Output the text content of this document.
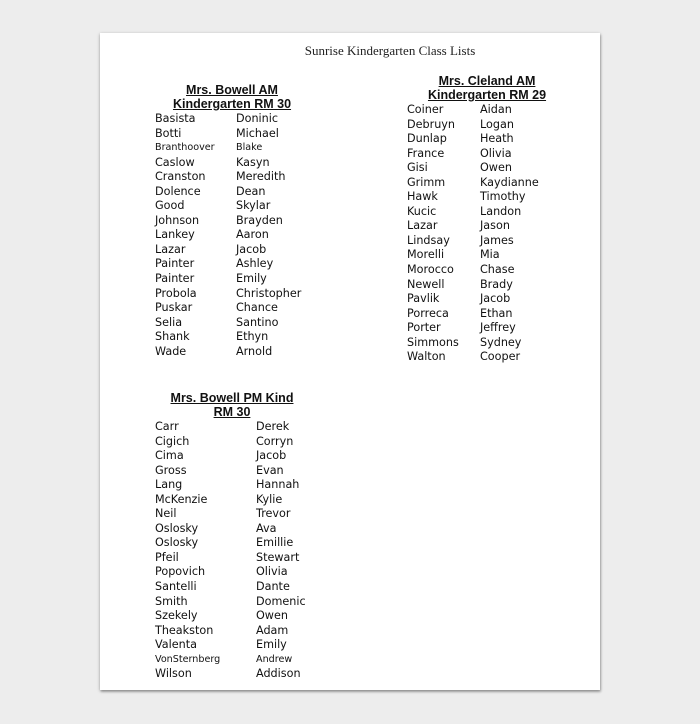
Sunrise Kindergarten Class Lists
Mrs. Bowell AM
Kindergarten RM 30
Basista	Doninic
Botti	Michael
Branthoover	Blake
Caslow	Kasyn
Cranston	Meredith
Dolence	Dean
Good	Skylar
Johnson	Brayden
Lankey	Aaron
Lazar	Jacob
Painter	Ashley
Painter	Emily
Probola	Christopher
Puskar	Chance
Selia	Santino
Shank	Ethyn
Wade	Arnold
Mrs. Cleland AM
Kindergarten RM 29
Coiner	Aidan
Debruyn	Logan
Dunlap	Heath
France	Olivia
Gisi	Owen
Grimm	Kaydianne
Hawk	Timothy
Kucic	Landon
Lazar	Jason
Lindsay	James
Morelli	Mia
Morocco	Chase
Newell	Brady
Pavlik	Jacob
Porreca	Ethan
Porter	Jeffrey
Simmons	Sydney
Walton	Cooper
Mrs. Bowell PM Kind
RM 30
Carr	Derek
Cigich	Corryn
Cima	Jacob
Gross	Evan
Lang	Hannah
McKenzie	Kylie
Neil	Trevor
Oslosky	Ava
Oslosky	Emillie
Pfeil	Stewart
Popovich	Olivia
Santelli	Dante
Smith	Domenic
Szekely	Owen
Theakston	Adam
Valenta	Emily
VonSternberg	Andrew
Wilson	Addison
